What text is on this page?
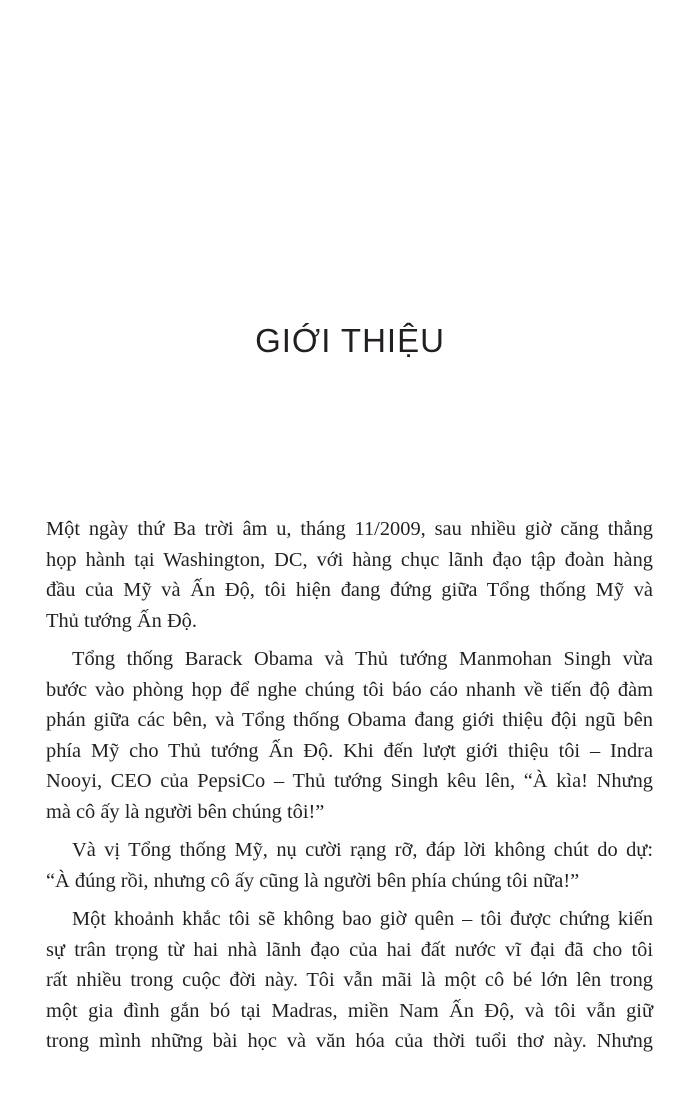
GIỚI THIỆU
Một ngày thứ Ba trời âm u, tháng 11/2009, sau nhiều giờ căng thẳng
họp hành tại Washington, DC, với hàng chục lãnh đạo tập đoàn hàng
đầu của Mỹ và Ấn Độ, tôi hiện đang đứng giữa Tổng thống Mỹ và
Thủ tướng Ấn Độ.
Tổng thống Barack Obama và Thủ tướng Manmohan Singh vừa
bước vào phòng họp để nghe chúng tôi báo cáo nhanh về tiến độ đàm
phán giữa các bên, và Tổng thống Obama đang giới thiệu đội ngũ bên
phía Mỹ cho Thủ tướng Ấn Độ. Khi đến lượt giới thiệu tôi – Indra
Nooyi, CEO của PepsiCo – Thủ tướng Singh kêu lên, “À kìa! Nhưng
mà cô ấy là người bên chúng tôi!”
Và vị Tổng thống Mỹ, nụ cười rạng rỡ, đáp lời không chút do dự:
“À đúng rồi, nhưng cô ấy cũng là người bên phía chúng tôi nữa!”
Một khoảnh khắc tôi sẽ không bao giờ quên – tôi được chứng kiến
sự trân trọng từ hai nhà lãnh đạo của hai đất nước vĩ đại đã cho tôi
rất nhiều trong cuộc đời này. Tôi vẫn mãi là một cô bé lớn lên trong
một gia đình gắn bó tại Madras, miền Nam Ấn Độ, và tôi vẫn giữ
trong mình những bài học và văn hóa của thời tuổi thơ này. Nhưng
